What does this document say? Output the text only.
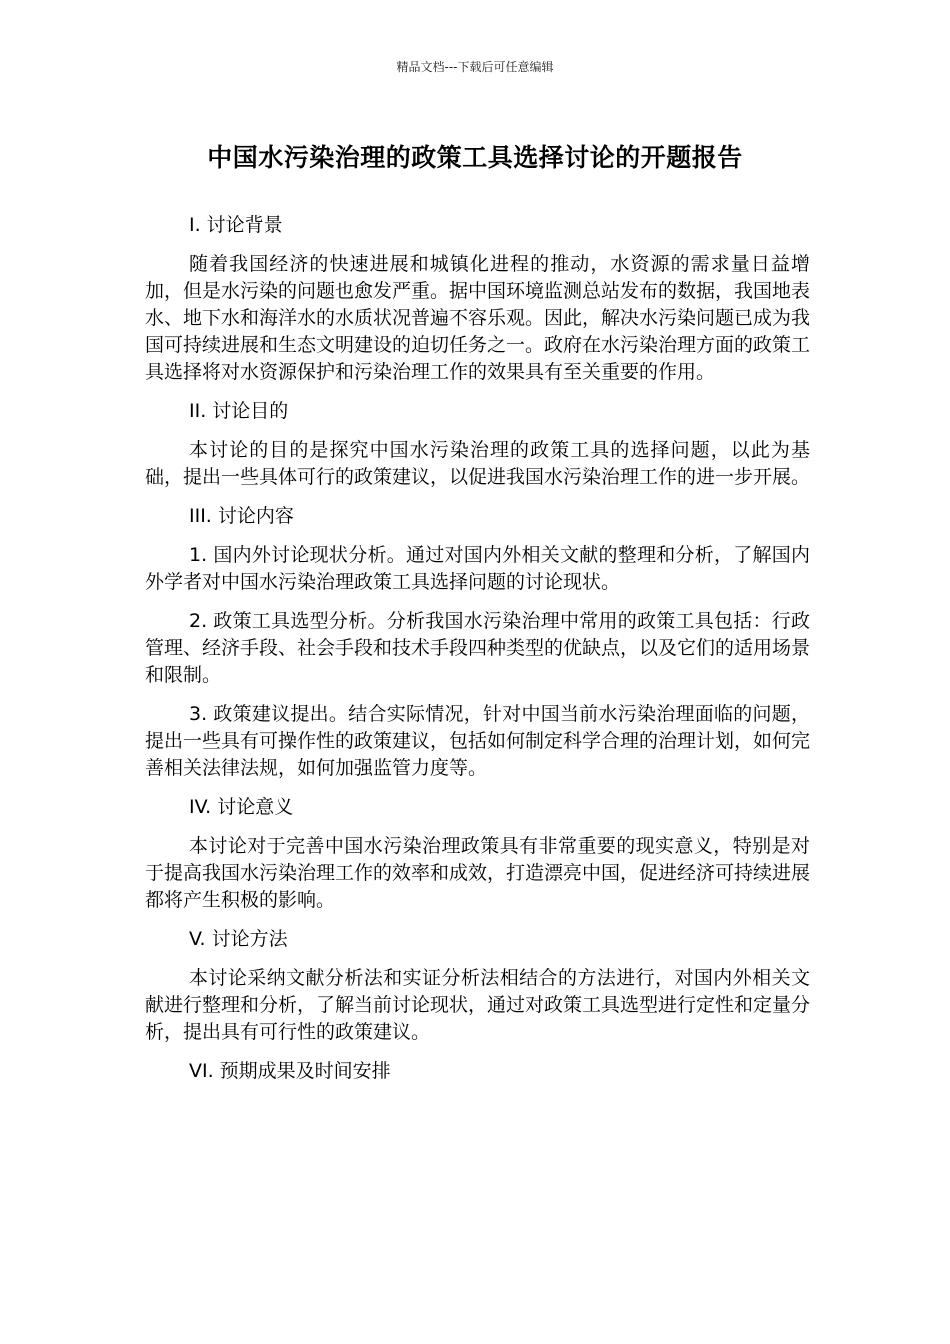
精品文档---下载后可任意编辑
中国水污染治理的政策工具选择讨论的开题报告

I. 讨论背景

随着我国经济的快速进展和城镇化进程的推动，水资源的需求量日益增加，但是水污染的问题也愈发严重。据中国环境监测总站发布的数据，我国地表水、地下水和海洋水的水质状况普遍不容乐观。因此，解决水污染问题已成为我国可持续进展和生态文明建设的迫切任务之一。政府在水污染治理方面的政策工具选择将对水资源保护和污染治理工作的效果具有至关重要的作用。

II. 讨论目的

本讨论的目的是探究中国水污染治理的政策工具的选择问题，以此为基础，提出一些具体可行的政策建议，以促进我国水污染治理工作的进一步开展。

III. 讨论内容

1. 国内外讨论现状分析。通过对国内外相关文献的整理和分析，了解国内外学者对中国水污染治理政策工具选择问题的讨论现状。

2. 政策工具选型分析。分析我国水污染治理中常用的政策工具包括：行政管理、经济手段、社会手段和技术手段四种类型的优缺点，以及它们的适用场景和限制。

3. 政策建议提出。结合实际情况，针对中国当前水污染治理面临的问题，提出一些具有可操作性的政策建议，包括如何制定科学合理的治理计划，如何完善相关法律法规，如何加强监管力度等。

IV. 讨论意义

本讨论对于完善中国水污染治理政策具有非常重要的现实意义，特别是对于提高我国水污染治理工作的效率和成效，打造漂亮中国，促进经济可持续进展都将产生积极的影响。

V. 讨论方法

本讨论采纳文献分析法和实证分析法相结合的方法进行，对国内外相关文献进行整理和分析，了解当前讨论现状，通过对政策工具选型进行定性和定量分析，提出具有可行性的政策建议。

VI. 预期成果及时间安排
